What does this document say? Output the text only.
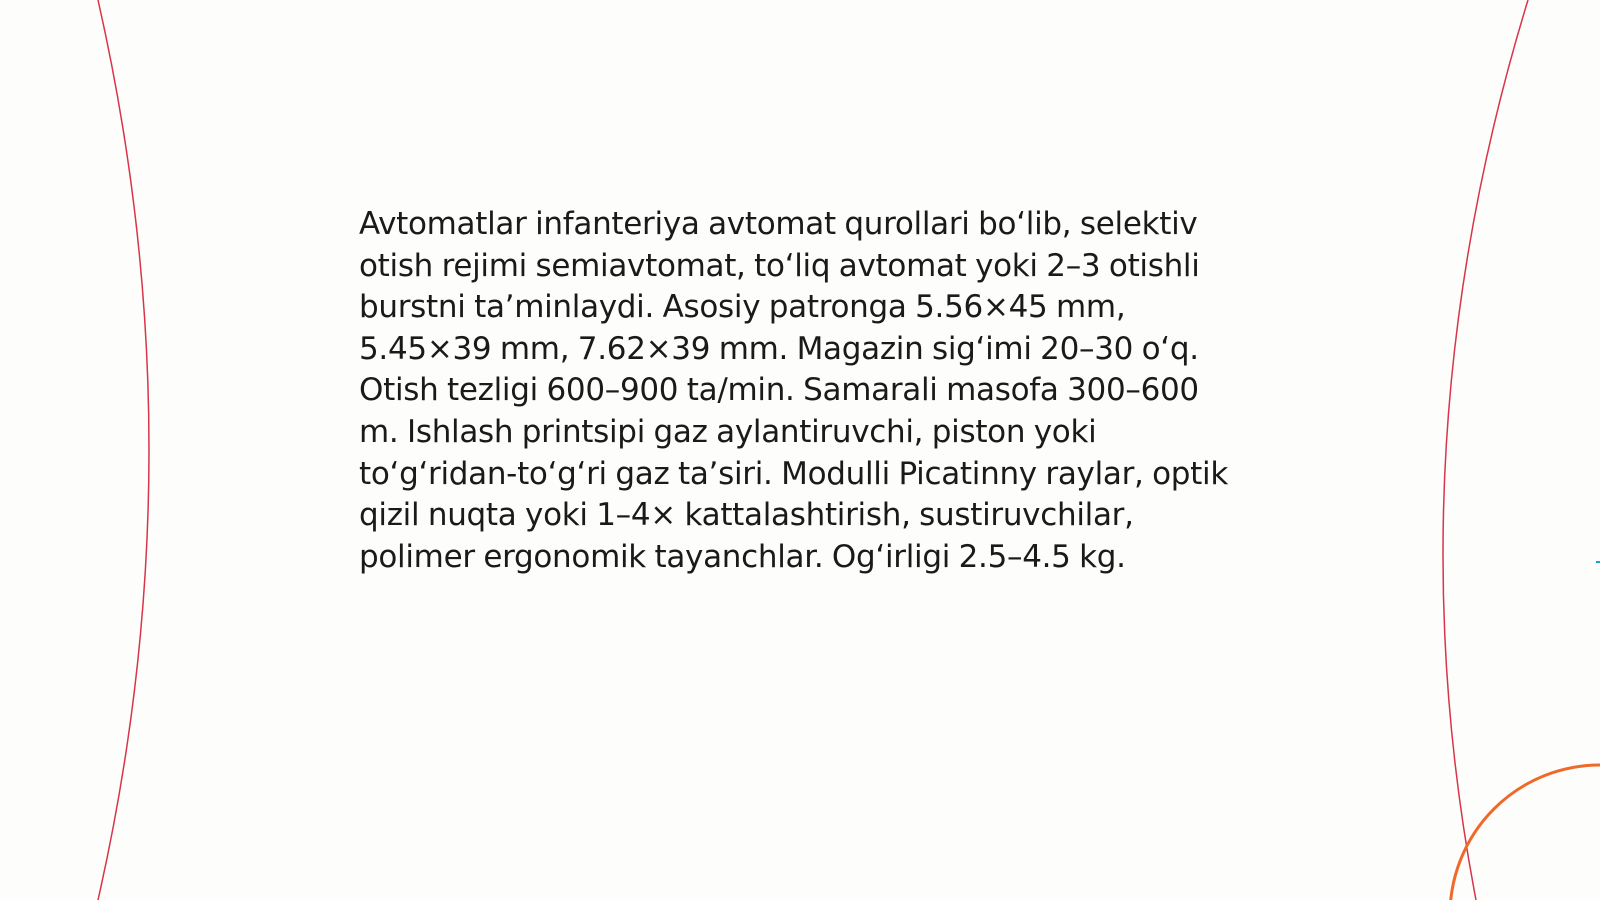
Avtomatlar infanteriya avtomat qurollari boʻlib, selektiv otish rejimi semiavtomat, toʻliq avtomat yoki 2–3 otishli burstni taʼminlaydi. Asosiy patronga 5.56×45 mm, 5.45×39 mm, 7.62×39 mm. Magazin sigʻimi 20–30 oʻq. Otish tezligi 600–900 ta/min. Samarali masofa 300–600 m. Ishlash printsipi gaz aylantiruvchi, piston yoki toʻgʻridan-toʻgʻri gaz taʼsiri. Modulli Picatinny raylar, optik qizil nuqta yoki 1–4× kattalashtirish, sustiruvchilar, polimer ergonomik tayanchlar. Ogʻirligi 2.5–4.5 kg.
